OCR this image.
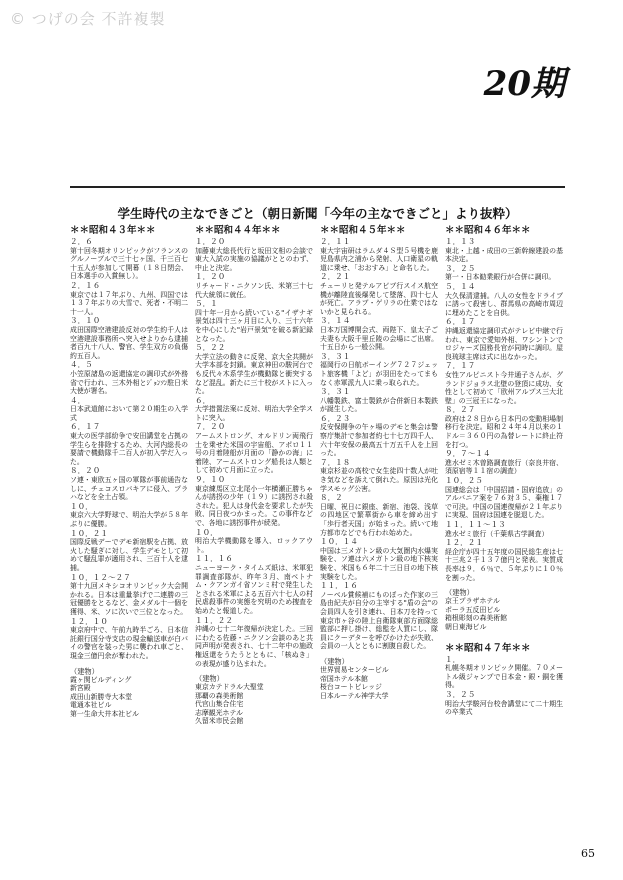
© つげの会 不許複製
20期
学生時代の主なできごと（朝日新聞「今年の主なできごと」より抜粋）
＊＊昭和４３年＊＊
２．６
第十回冬期オリンピックがフランスのグルノーブルで三十七ヶ国、千三百七十五人が参加して開幕（１８日閉会、日本選手の入賞無し）。
２．１６
東京では１７年ぶり、九州、四国では１３７年ぶりの大雪で、死者・不明二十一人。
３．１０
成田国際空港建設反対の学生約千人は空港建設事務所へ突入せよりから逮捕者百九十八人、警官、学生双方の負傷約五百人。
４．５
小笠原諸島の返還協定の調印式が外務省で行われ、三木外相とｼﾞｮﾝｿﾝ駐日米大使が署名。
４．
日本武道館において第２０期生の入学式
６．１７
東大の医学部紛争で安田講堂を占拠の学生らを排除するため、大河内総長の要請で機動隊千二百人が初入学だ入った。
８．２０
ソ連・東欧五ヶ国の軍隊が事前通告なしに、チェコスロバキアに侵入、プラハなどを全土占領。
１０．
東京六大学野球で、明治大学が５８年ぶりに優勝。
１０．２１
国際反戦デーでデモ新宿駅を占拠、放火した騒ぎに対し、学生デモとして初めて騒乱罪が適用され、三百十人を逮捕。
１０．１２～２７
第十九回メキシコオリンピック大会開かれる。日本は重量挙げで二連勝の三冠優勝をとるなど、金メダル十一個を獲得、米、ソに次いで三位となった。
１２．１０
東京府中で、午前九時半ごろ、日本信託銀行国分寺支店の現金輸送車が白バイの警官を装った男に襲われ車ごと、現金三億円余が奪われた。
（建物）
霞ヶ関ビルディング
新宮殿
成田山新勝寺大本堂
電通本社ビル
第一生命大井本社ビル
＊＊昭和４４年＊＊
１．２０
加藤東大総長代行と坂田文相の会談で東大入試の実施の協議がととのわず、中止と決定。
１．２０
リチャード・ニクソン氏、米第三十七代大統領に就任。
５．１
四十年一月から続いている"イザナギ景気は四十三ヶ月目に入り、三十六年を中心にした"岩戸景気"を破る新記録となった。
５．２２
大学立法の動きに反発、京大全共闘が大学本部を封鎖。東京神田の駿河台でも反代々木系学生が機動隊と衝突するなど混乱。新たに三十校がストに入った。
６．
大学措置法案に反対、明治大学全学ストに突入。
７．２０
アームストロング、オルドリン両飛行士を乗せた米国の宇宙船、アポロ１１号の月着陸船が月面の「静かの海」に着陸、アームストロング船長は人類として初めて月面に立った。
９．１０
東京練馬区立北尾小一年横瀬正勝ちゃんが誘拐の少年（１９）に誘拐され殺された。犯人は身代金を要求したが失敗、同日夜つかまった。この事件などで、各地に誘拐事件が続発。
１０．
明治大学機動隊を導入、ロックアウト。
１１．１６
ニューヨーク・タイムズ紙は、米軍犯罪調査部隊が、昨年３月、南ベトナム・クアンガイ省ソンミ村で発生したとされる米軍による五百六十七人の村民虐殺事件の実態を究明のため捜査を始めたと報道した。
１１．２２
沖縄の七十二年復帰が決定した。三回にわたる佐藤・ニクソン会談のあと共同声明が発表され、七十二年中の施政権返還をうたうとともに、「核ぬき」の表現が盛り込まれた。
（建物）
東京カテドラル大聖堂
那覇の森美術館
代官山集合住宅
志摩観光ホテル
久留米市民会館
＊＊昭和４５年＊＊
２．１１
東大宇宙研はラムダ４Ｓ型５号機を鹿児島県内之浦から発射、人口衛星の軌道に乗せ、「おおすみ」と命名した。
２．２１
チューリヒ発テルアビブ行スイス航空機が離陸直後爆発して墜落、四十七人が死亡。アラブ・ゲリラの仕業ではないかと見られる。
３．１４
日本万国博開会式、両陛下、皇太子ご夫妻も大阪千里丘陵の会場にご出席。十五日から一般公開。
３．３１
福岡行の日航ボーイング７２７ジェット旅客機「よど」が羽田をたってまもなく赤軍派九人に乗っ取られた。
３．３１
八幡製鉄、富士製鉄が合併新日本製鉄が誕生した。
６．２３
反安保闘争の午ヶ場のデモと集会は警察庁集計で参加者約七十七万四千人、六十年安保の最高五十万五千人を上回った。
７．１８
東京杉並の高校で女生徒四十数人が吐き気などを訴えて倒れた。原因は光化学スモッグ公害。
８．２
日曜、祝日に銀座、新宿、池袋、浅草の四地区で繁華街から車を締め出す「歩行者天国」が始まった。続いて地方都市などでも行われ始めた。
１０．１４
中国は三メガトン級の大気圏内水爆実験を、ソ連は六メガトン級の地下核実験を、米国も６年二十三日目の地下核実験をした。
１１．１６
ノーベル賞候補にものぼった作家の三島由紀夫が自分の主宰する"盾の会"の会員四人を引き連れ、日本刀を持って東京市ヶ谷の陸上自衛隊東部方面隊総監部に押し掛け、総監を人質にし、隊員にクーデターを呼びかけたが失敗、会員の一人とともに割腹自殺した。
（建物）
世界貿易センタービル
帝国ホテル本館
桜台コートビレッジ
日本ルーテル神学大学
＊＊昭和４６年＊＊
１．１３
東北・上越・成田の三新幹線建設の基本決定。
３．２５
第一・日本勧業銀行が合併に調印。
５．１４
大久保清逮捕。八人の女性をドライブに誘って殺害し、群馬県の高崎市周辺に埋めたことを自供。
６．１７
沖縄返還協定調印式がテレビ中継で行われ、東京で愛知外相、ワシントンでロジャーズ国務長官が同時に調印。屋良琉球主席は式に出なかった。
７．１７
女性アルピニスト今井通子さんが、グランドジョラス北壁の登頂に成功、女性として初めて「欧州アルプス三大北壁」の三冠王になった。
８．２７
政府は２８日から日本円の変動相場制移行を決定。昭和２４年４月以来の１ドル＝３６０円の為替レートに終止符を打つ。
９．７～１４
進水ゼミ木曽路調査旅行（奈良井宿、須原宿等１１宿の調査）
１０．２５
国連総会は「中国招請・国府追放」のアルバニア案を７６対３５、棄権１７で可決。中国の国連復帰が２１年ぶりに実現、国府は国連を脱退した。
１１．１１～１３
進水ゼミ旅行（千葉県古学調査）
１２．２１
経企庁が四十五年度の国民総生産は七十三兆２千１３７億円と発表。実質成長率は９．６％で、５年ぶりに１０％を割った。
（建物）
京王プラザホテル
ポーラ五反田ビル
箱根彫刻の森美術館
朝日東海ビル
＊＊昭和４７年＊＊
１．
札幌冬期オリンピック開催。７０メートル級ジャンプで日本金・銀・銅を獲得。
３．２５
明治大学駿河台校舎講堂にて二十期生の卒業式
65
